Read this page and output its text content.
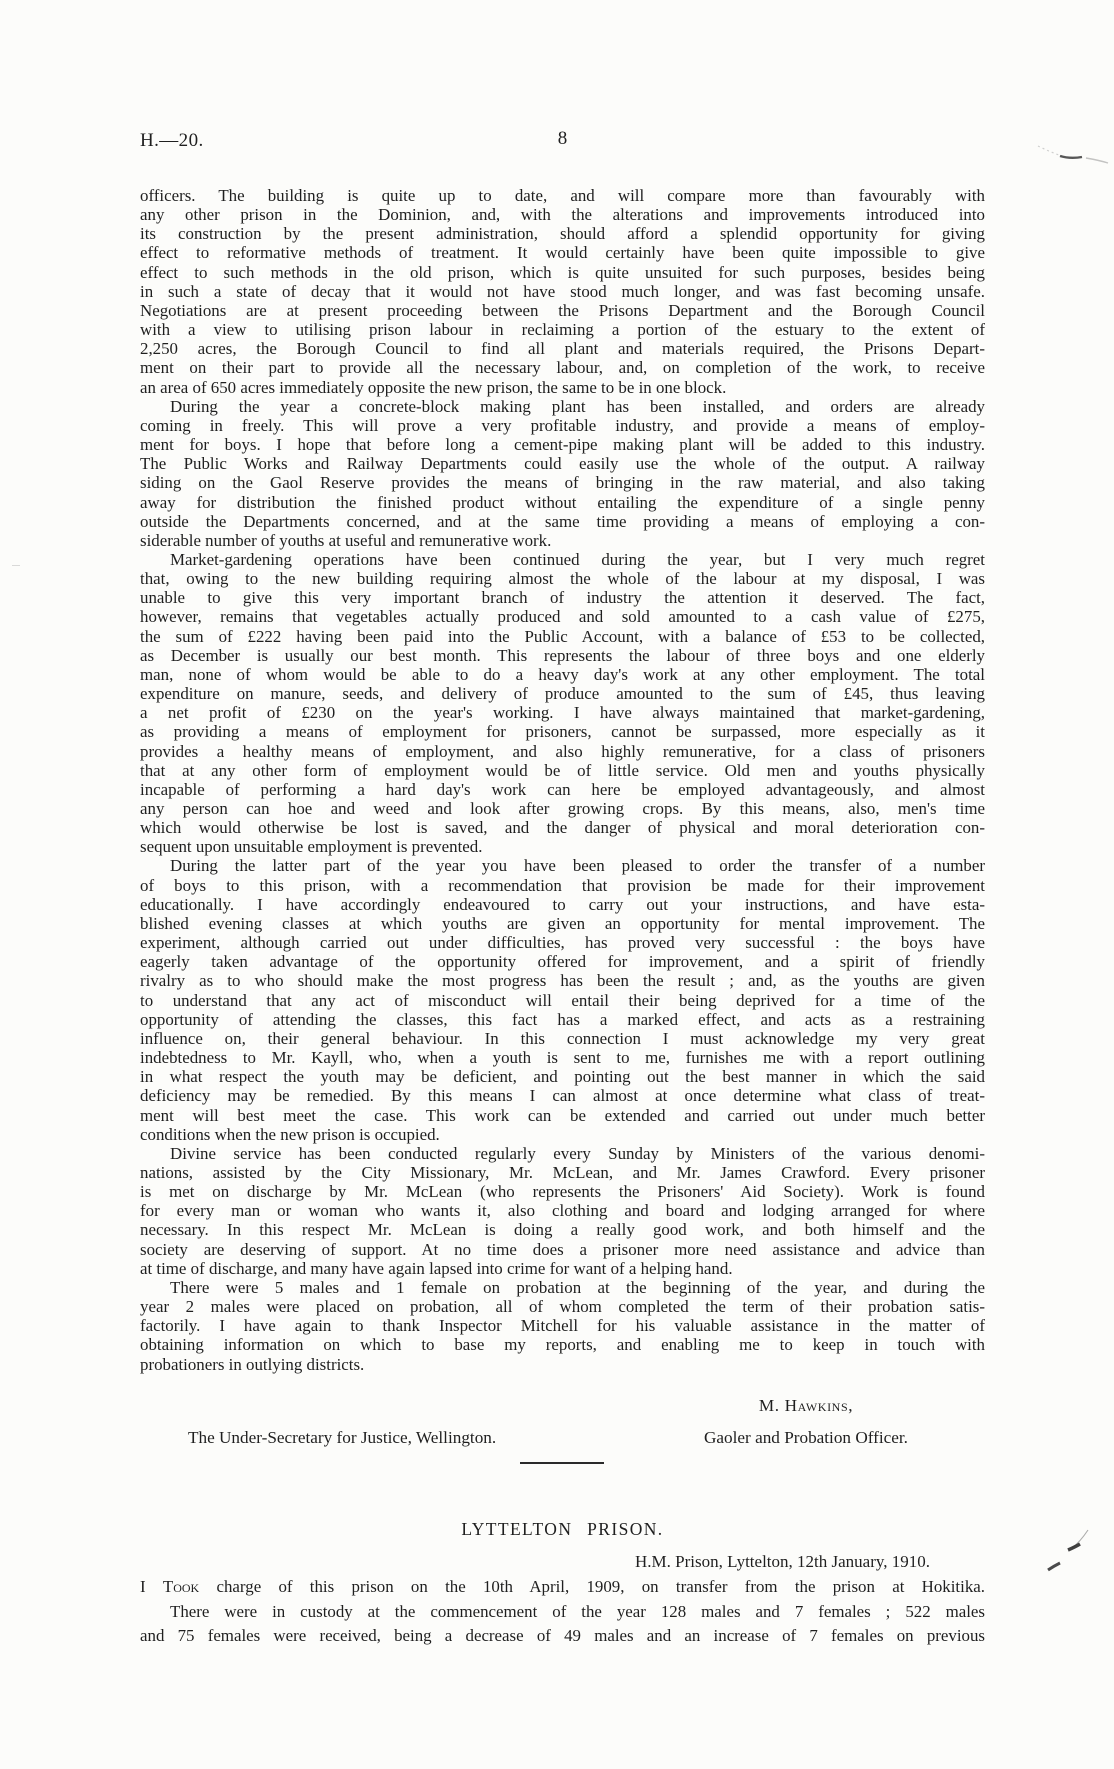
H.—20.	8
officers. The building is quite up to date, and will compare more than favourably with
any other prison in the Dominion, and, with the alterations and improvements introduced into
its construction by the present administration, should afford a splendid opportunity for giving
effect to reformative methods of treatment. It would certainly have been quite impossible to give
effect to such methods in the old prison, which is quite unsuited for such purposes, besides being
in such a state of decay that it would not have stood much longer, and was fast becoming unsafe.
Negotiations are at present proceeding between the Prisons Department and the Borough Council
with a view to utilising prison labour in reclaiming a portion of the estuary to the extent of
2,250 acres, the Borough Council to find all plant and materials required, the Prisons Depart-
ment on their part to provide all the necessary labour, and, on completion of the work, to receive
an area of 650 acres immediately opposite the new prison, the same to be in one block.
During the year a concrete-block making plant has been installed, and orders are already
coming in freely. This will prove a very profitable industry, and provide a means of employ-
ment for boys. I hope that before long a cement-pipe making plant will be added to this industry.
The Public Works and Railway Departments could easily use the whole of the output. A railway
siding on the Gaol Reserve provides the means of bringing in the raw material, and also taking
away for distribution the finished product without entailing the expenditure of a single penny
outside the Departments concerned, and at the same time providing a means of employing a con-
siderable number of youths at useful and remunerative work.
Market-gardening operations have been continued during the year, but I very much regret
that, owing to the new building requiring almost the whole of the labour at my disposal, I was
unable to give this very important branch of industry the attention it deserved. The fact,
however, remains that vegetables actually produced and sold amounted to a cash value of £275,
the sum of £222 having been paid into the Public Account, with a balance of £53 to be collected,
as December is usually our best month. This represents the labour of three boys and one elderly
man, none of whom would be able to do a heavy day's work at any other employment. The total
expenditure on manure, seeds, and delivery of produce amounted to the sum of £45, thus leaving
a net profit of £230 on the year's working. I have always maintained that market-gardening,
as providing a means of employment for prisoners, cannot be surpassed, more especially as it
provides a healthy means of employment, and also highly remunerative, for a class of prisoners
that at any other form of employment would be of little service. Old men and youths physically
incapable of performing a hard day's work can here be employed advantageously, and almost
any person can hoe and weed and look after growing crops. By this means, also, men's time
which would otherwise be lost is saved, and the danger of physical and moral deterioration con-
sequent upon unsuitable employment is prevented.
During the latter part of the year you have been pleased to order the transfer of a number
of boys to this prison, with a recommendation that provision be made for their improvement
educationally. I have accordingly endeavoured to carry out your instructions, and have esta-
blished evening classes at which youths are given an opportunity for mental improvement. The
experiment, although carried out under difficulties, has proved very successful : the boys have
eagerly taken advantage of the opportunity offered for improvement, and a spirit of friendly
rivalry as to who should make the most progress has been the result ; and, as the youths are given
to understand that any act of misconduct will entail their being deprived for a time of the
opportunity of attending the classes, this fact has a marked effect, and acts as a restraining
influence on, their general behaviour. In this connection I must acknowledge my very great
indebtedness to Mr. Kayll, who, when a youth is sent to me, furnishes me with a report outlining
in what respect the youth may be deficient, and pointing out the best manner in which the said
deficiency may be remedied. By this means I can almost at once determine what class of treat-
ment will best meet the case. This work can be extended and carried out under much better
conditions when the new prison is occupied.
Divine service has been conducted regularly every Sunday by Ministers of the various denomi-
nations, assisted by the City Missionary, Mr. McLean, and Mr. James Crawford. Every prisoner
is met on discharge by Mr. McLean (who represents the Prisoners' Aid Society). Work is found
for every man or woman who wants it, also clothing and board and lodging arranged for where
necessary. In this respect Mr. McLean is doing a really good work, and both himself and the
society are deserving of support. At no time does a prisoner more need assistance and advice than
at time of discharge, and many have again lapsed into crime for want of a helping hand.
There were 5 males and 1 female on probation at the beginning of the year, and during the
year 2 males were placed on probation, all of whom completed the term of their probation satis-
factorily. I have again to thank Inspector Mitchell for his valuable assistance in the matter of
obtaining information on which to base my reports, and enabling me to keep in touch with
probationers in outlying districts.
M. Hawkins,
The Under-Secretary for Justice, Wellington.	Gaoler and Probation Officer.
LYTTELTON PRISON.
H.M. Prison, Lyttelton, 12th January, 1910.
I Took charge of this prison on the 10th April, 1909, on transfer from the prison at Hokitika.
There were in custody at the commencement of the year 128 males and 7 females ; 522 males
and 75 females were received, being a decrease of 49 males and an increase of 7 females on previous
